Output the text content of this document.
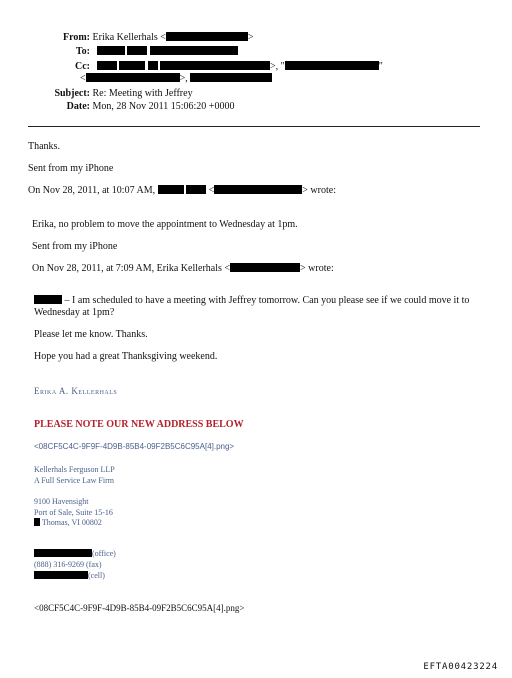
From: Erika Kellerhals <	>
To:
Cc:	>, "	"
<	>,
Subject: Re: Meeting with Jeffrey
Date: Mon, 28 Nov 2011 15:06:20 +0000
Thanks.
Sent from my iPhone
On Nov 28, 2011, at 10:07 AM,	<	> wrote:
Erika, no problem to move the appointment to Wednesday at 1pm.
Sent from my iPhone
On Nov 28, 2011, at 7:09 AM, Erika Kellerhals <	> wrote:
– I am scheduled to have a meeting with Jeffrey tomorrow. Can you please see if we could move it to
Wednesday at 1pm?
Please let me know. Thanks.
Hope you had a great Thanksgiving weekend.
Erika A. Kellerhals
PLEASE NOTE OUR NEW ADDRESS BELOW
<08CF5C4C-9F9F-4D9B-85B4-09F2B5C6C95A[4].png>
Kellerhals Ferguson LLP
A Full Service Law Firm
9100 Havensight
Port of Sale, Suite 15-16
Thomas, VI 00802
(office)
(888) 316-9269 (fax)
(cell)
<08CF5C4C-9F9F-4D9B-85B4-09F2B5C6C95A[4].png>
EFTA00423224
